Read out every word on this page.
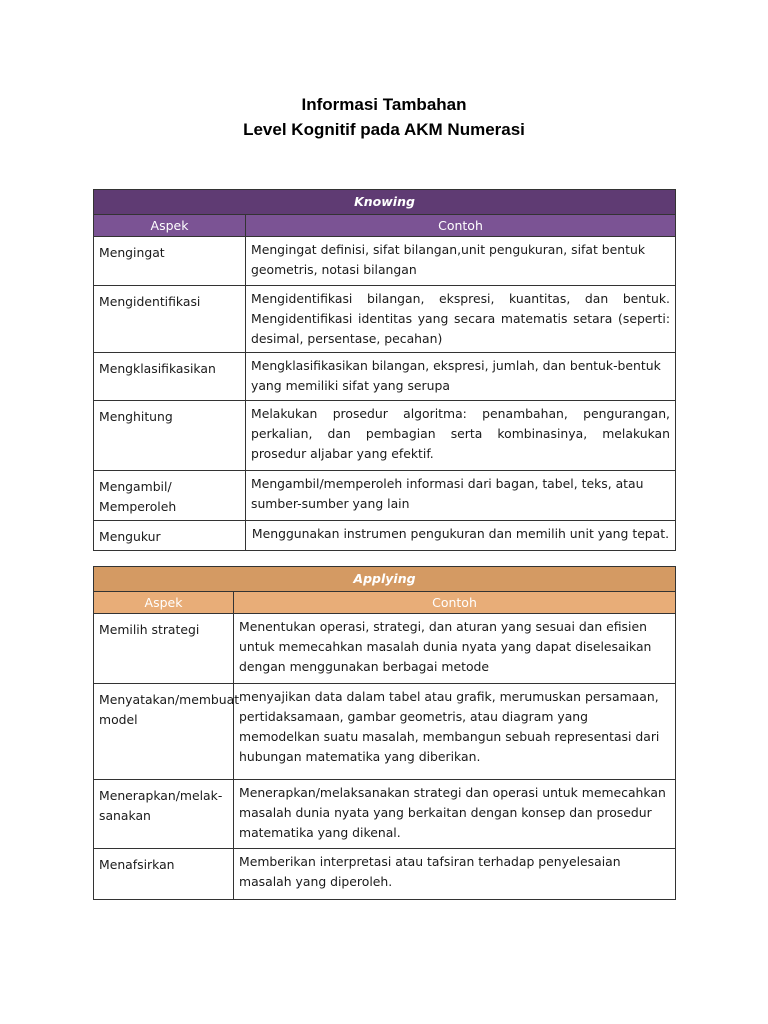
Informasi Tambahan
Level Kognitif pada AKM Numerasi
Knowing	
Aspek	Contoh
Mengingat	Mengingat definisi, sifat bilangan,unit pengukuran, sifat bentuk geometris, notasi bilangan
Mengidentifikasi	Mengidentifikasi bilangan, ekspresi, kuantitas, dan bentuk. Mengidentifikasi identitas yang secara matematis setara (seperti: desimal, persentase, pecahan)
Mengklasifikasikan	Mengklasifikasikan bilangan, ekspresi, jumlah, dan bentuk-bentuk yang memiliki sifat yang serupa
Menghitung	Melakukan prosedur algoritma: penambahan, pengurangan, perkalian, dan pembagian serta kombinasinya, melakukan prosedur aljabar yang efektif.
Mengambil/ Memperoleh	Mengambil/memperoleh informasi dari bagan, tabel, teks, atau sumber-sumber yang lain
Mengukur	Menggunakan instrumen pengukuran dan memilih unit yang tepat.
Applying	
Aspek	Contoh
Memilih strategi	Menentukan operasi, strategi, dan aturan yang sesuai dan efisien untuk memecahkan masalah dunia nyata yang dapat diselesaikan dengan menggunakan berbagai metode
Menyatakan/membuat model	menyajikan data dalam tabel atau grafik, merumuskan persamaan, pertidaksamaan, gambar geometris, atau diagram yang memodelkan suatu masalah, membangun sebuah representasi dari hubungan matematika yang diberikan.
Menerapkan/melak-sanakan	Menerapkan/melaksanakan strategi dan operasi untuk memecahkan masalah dunia nyata yang berkaitan dengan konsep dan prosedur matematika yang dikenal.
Menafsirkan	Memberikan interpretasi atau tafsiran terhadap penyelesaian masalah yang diperoleh.
